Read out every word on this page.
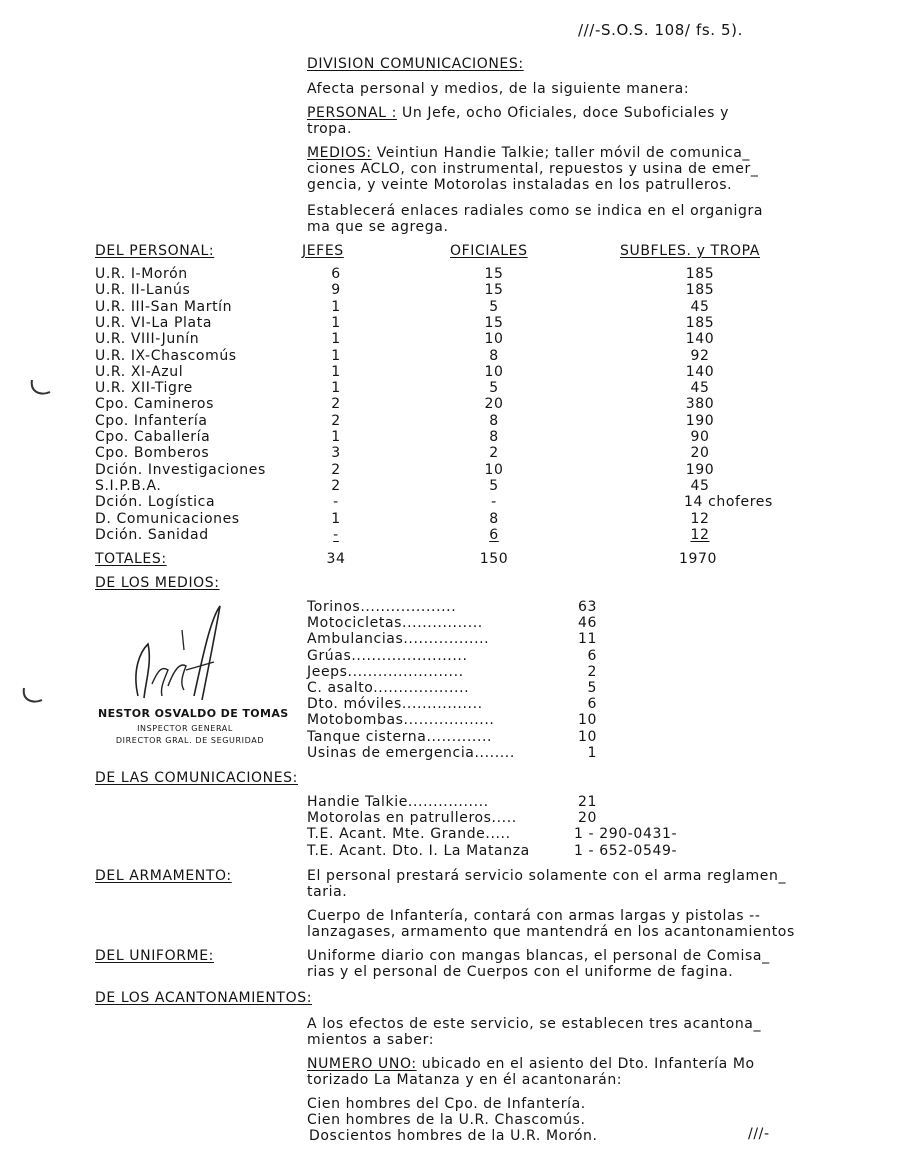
///-S.O.S. 108/ fs. 5).
DIVISION COMUNICACIONES:
Afecta personal y medios, de la siguiente manera:
PERSONAL : Un Jefe, ocho Oficiales, doce Suboficiales y
tropa.
MEDIOS: Veintiun Handie Talkie; taller móvil de comunica_
ciones ACLO, con instrumental, repuestos y usina de emer_
gencia, y veinte Motorolas instaladas en los patrulleros.
Establecerá enlaces radiales como se indica en el organigra
ma que se agrega.
DEL PERSONAL:	JEFES	OFICIALES	SUBFLES. y TROPA
U.R. I-Morón	6	15	185
U.R. II-Lanús	9	15	185
U.R. III-San Martín	1	5	45
U.R. VI-La Plata	1	15	185
U.R. VIII-Junín	1	10	140
U.R. IX-Chascomús	1	8	92
U.R. XI-Azul	1	10	140
U.R. XII-Tigre	1	5	45
Cpo. Camineros	2	20	380
Cpo. Infantería	2	8	190
Cpo. Caballería	1	8	90
Cpo. Bomberos	3	2	20
Dción. Investigaciones	2	10	190
S.I.P.B.A.	2	5	45
Dción. Logística	-	-	14 choferes
D. Comunicaciones	1	8	12
Dción. Sanidad	-	6	12
TOTALES:	34	150	1970
DE LOS MEDIOS:
Torinos...................	63
Motocicletas................	46
Ambulancias.................	11
Grúas.......................	6
Jeeps.......................	2
C. asalto...................	5
Dto. móviles................	6
Motobombas..................	10
Tanque cisterna.............	10
Usinas de emergencia........	1
NESTOR OSVALDO DE TOMAS
INSPECTOR GENERAL
DIRECTOR GRAL. DE SEGURIDAD
DE LAS COMUNICACIONES:
Handie Talkie................	21
Motorolas en patrulleros.....	20
T.E. Acant. Mte. Grande.....	1 - 290-0431-
T.E. Acant. Dto. I. La Matanza	1 - 652-0549-
DEL ARMAMENTO:	El personal prestará servicio solamente con el arma reglamen_
taria.
Cuerpo de Infantería, contará con armas largas y pistolas --
lanzagases, armamento que mantendrá en los acantonamientos
DEL UNIFORME:	Uniforme diario con mangas blancas, el personal de Comisa_
rias y el personal de Cuerpos con el uniforme de fagina.
DE LOS ACANTONAMIENTOS:
A los efectos de este servicio, se establecen tres acantona_
mientos a saber:
NUMERO UNO: ubicado en el asiento del Dto. Infantería Mo
torizado La Matanza y en él acantonarán:
Cien hombres del Cpo. de Infantería.
Cien hombres de la U.R. Chascomús.
Doscientos hombres de la U.R. Morón.	///-
